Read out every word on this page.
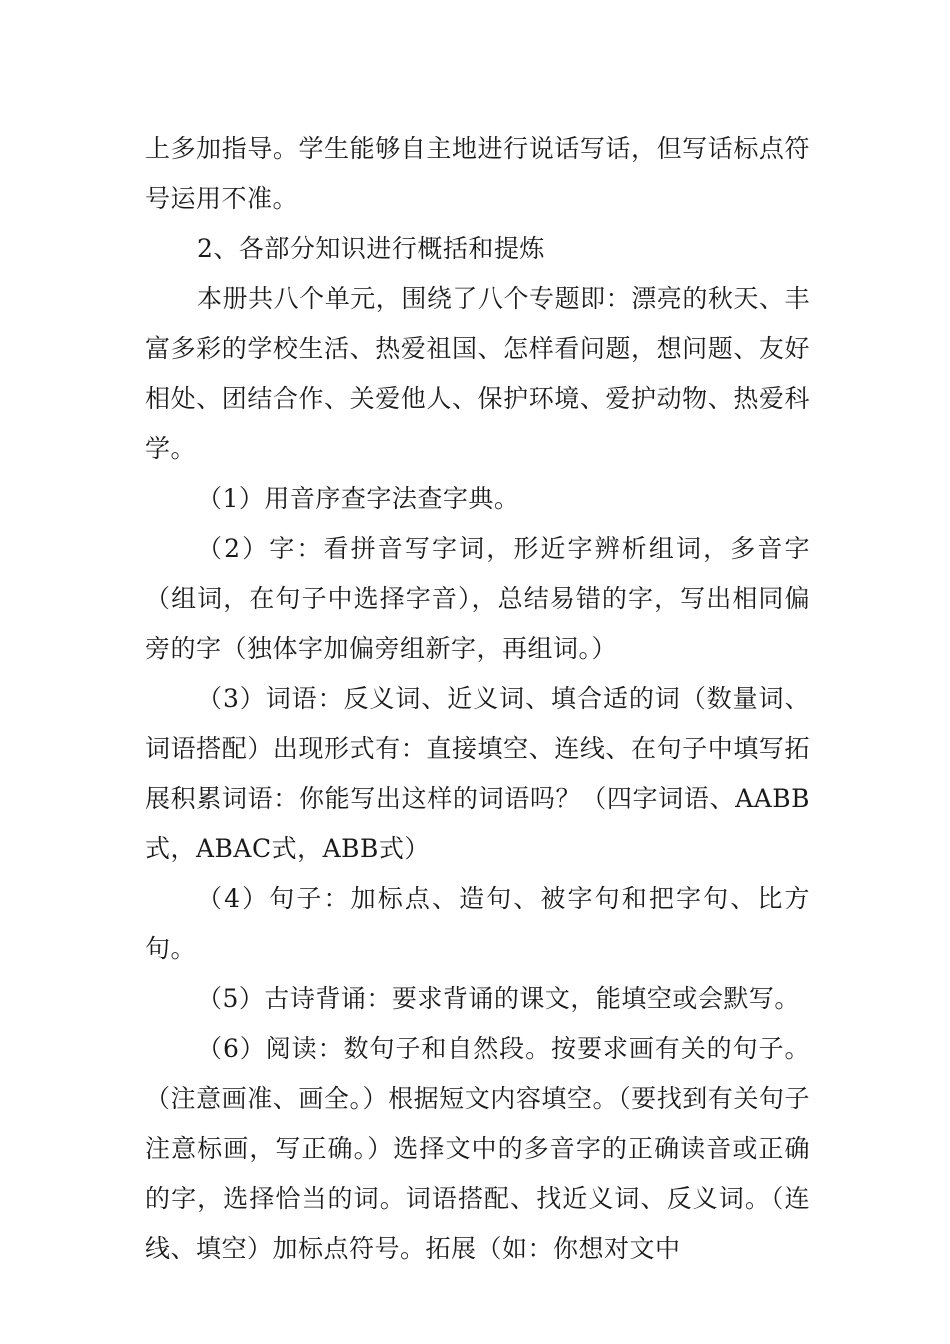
上多加指导。学生能够自主地进行说话写话，但写话标点符号运用不准。

2、各部分知识进行概括和提炼

本册共八个单元，围绕了八个专题即：漂亮的秋天、丰富多彩的学校生活、热爱祖国、怎样看问题，想问题、友好相处、团结合作、关爱他人、保护环境、爱护动物、热爱科学。

（1）用音序查字法查字典。

（2）字：看拼音写字词，形近字辨析组词，多音字（组词，在句子中选择字音），总结易错的字，写出相同偏旁的字（独体字加偏旁组新字，再组词。）

（3）词语：反义词、近义词、填合适的词（数量词、词语搭配）出现形式有：直接填空、连线、在句子中填写拓展积累词语：你能写出这样的词语吗？（四字词语、AABB式，ABAC式，ABB式）

（4）句子：加标点、造句、被字句和把字句、比方句。

（5）古诗背诵：要求背诵的课文，能填空或会默写。

（6）阅读：数句子和自然段。按要求画有关的句子。（注意画准、画全。）根据短文内容填空。（要找到有关句子注意标画，写正确。）选择文中的多音字的正确读音或正确的字，选择恰当的词。词语搭配、找近义词、反义词。（连线、填空）加标点符号。拓展（如：你想对文中
